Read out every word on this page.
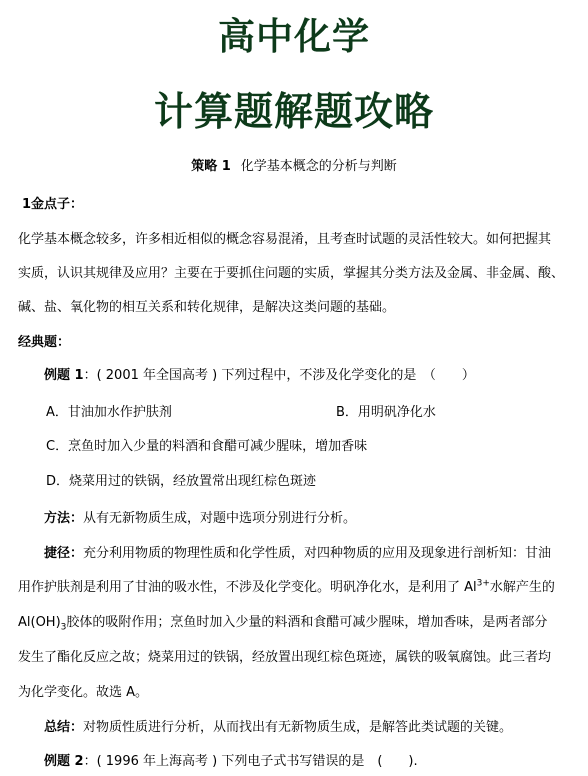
高中化学
计算题解题攻略
策略 1 化学基本概念的分析与判断
1金点子：
化学基本概念较多，许多相近相似的概念容易混淆，且考查时试题的灵活性较大。如何把握其
实质，认识其规律及应用？主要在于要抓住问题的实质，掌握其分类方法及金属、非金属、酸、
碱、盐、氧化物的相互关系和转化规律，是解决这类问题的基础。
经典题：
例题 1：( 2001 年全国高考 ) 下列过程中，不涉及化学变化的是　（　　）
A．甘油加水作护肤剂	B．用明矾净化水
C．烹鱼时加入少量的料酒和食醋可减少腥味，增加香味
D．烧菜用过的铁锅，经放置常出现红棕色斑迹
方法：从有无新物质生成，对题中选项分别进行分析。
捷径：充分利用物质的物理性质和化学性质，对四种物质的应用及现象进行剖析知：甘油
用作护肤剂是利用了甘油的吸水性，不涉及化学变化。明矾净化水，是利用了 $Al^{3+}$水解产生的
$Al(OH)_3$胶体的吸附作用；烹鱼时加入少量的料酒和食醋可减少腥味，增加香味，是两者部分
发生了酯化反应之故；烧菜用过的铁锅，经放置出现红棕色斑迹，属铁的吸氧腐蚀。此三者均
为化学变化。故选 A。
总结：对物质性质进行分析，从而找出有无新物质生成，是解答此类试题的关键。
例题 2：( 1996 年上海高考 ) 下列电子式书写错误的是　(　　).
